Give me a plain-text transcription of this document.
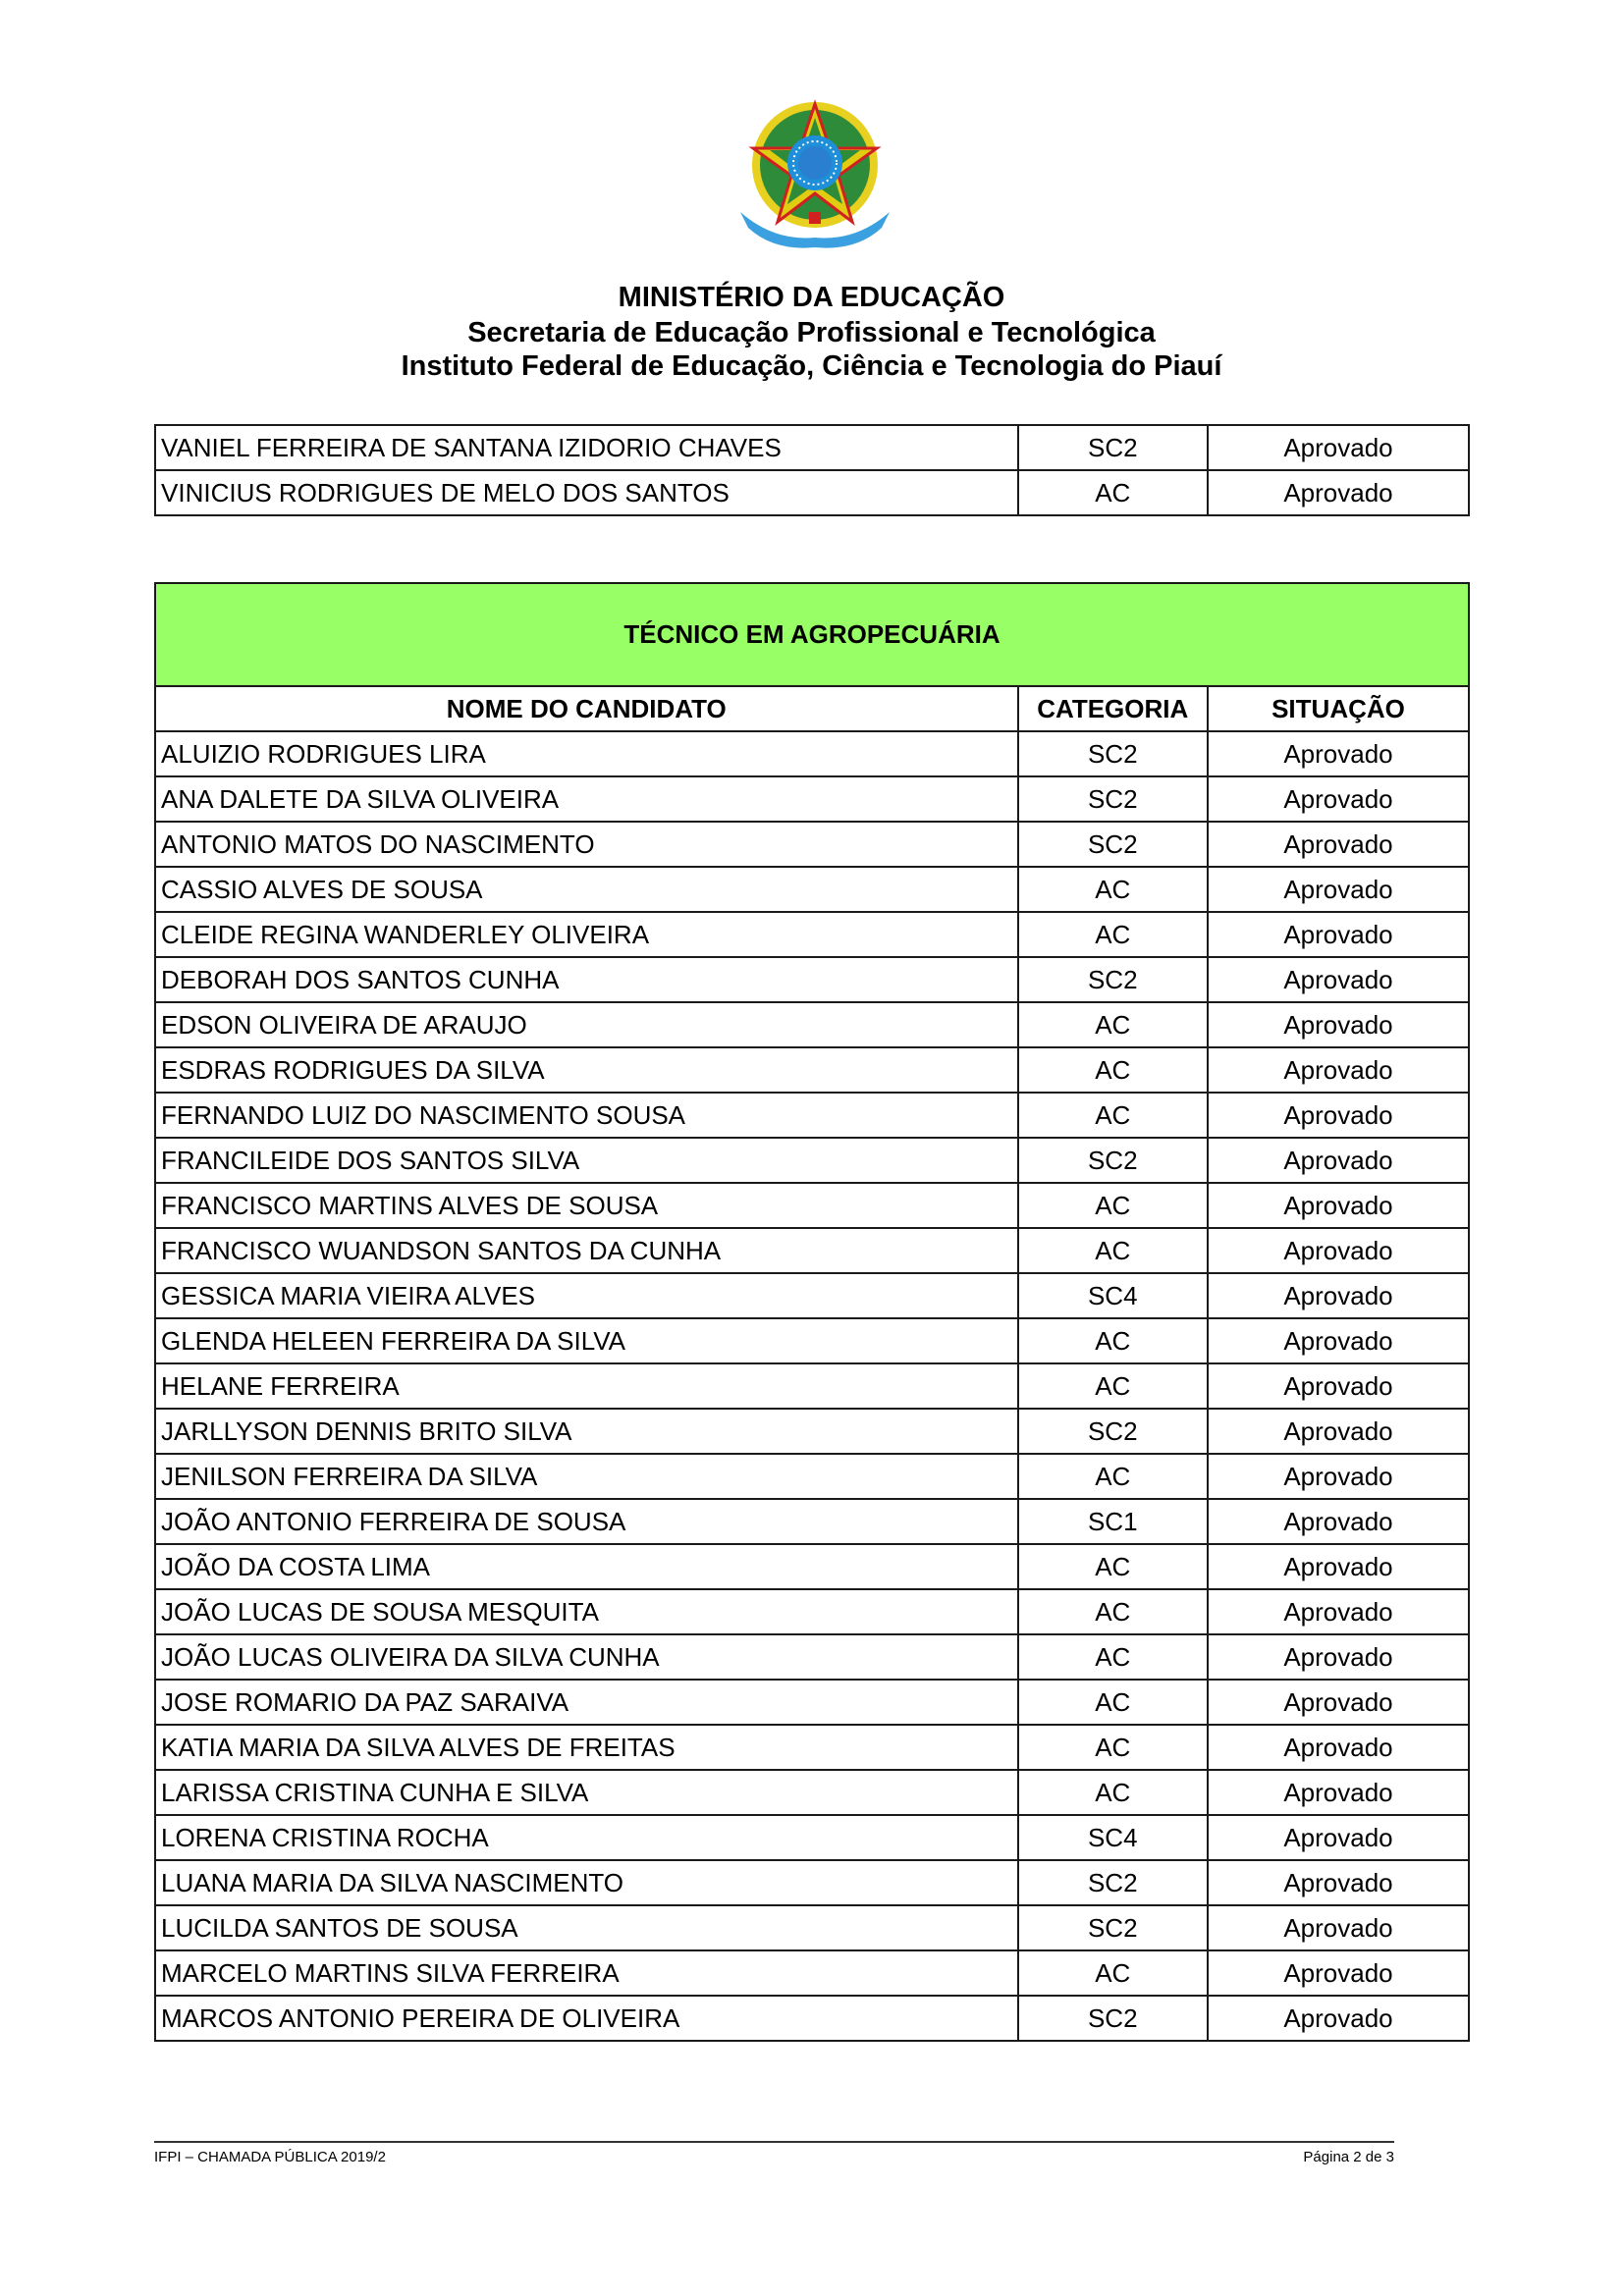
MINISTÉRIO DA EDUCAÇÃO
Secretaria de Educação Profissional e Tecnológica
Instituto Federal de Educação, Ciência e Tecnologia do Piauí
VANIEL FERREIRA DE SANTANA IZIDORIO CHAVES	SC2	Aprovado
VINICIUS RODRIGUES DE MELO DOS SANTOS	AC	Aprovado
TÉCNICO EM AGROPECUÁRIA		
NOME DO CANDIDATO	CATEGORIA	SITUAÇÃO
ALUIZIO RODRIGUES LIRA	SC2	Aprovado
ANA DALETE DA SILVA OLIVEIRA	SC2	Aprovado
ANTONIO MATOS DO NASCIMENTO	SC2	Aprovado
CASSIO ALVES DE SOUSA	AC	Aprovado
CLEIDE REGINA WANDERLEY OLIVEIRA	AC	Aprovado
DEBORAH DOS SANTOS CUNHA	SC2	Aprovado
EDSON OLIVEIRA DE ARAUJO	AC	Aprovado
ESDRAS RODRIGUES DA SILVA	AC	Aprovado
FERNANDO LUIZ DO NASCIMENTO SOUSA	AC	Aprovado
FRANCILEIDE DOS SANTOS SILVA	SC2	Aprovado
FRANCISCO MARTINS ALVES DE SOUSA	AC	Aprovado
FRANCISCO WUANDSON SANTOS DA CUNHA	AC	Aprovado
GESSICA MARIA VIEIRA ALVES	SC4	Aprovado
GLENDA HELEEN FERREIRA DA SILVA	AC	Aprovado
HELANE FERREIRA	AC	Aprovado
JARLLYSON DENNIS BRITO SILVA	SC2	Aprovado
JENILSON FERREIRA DA SILVA	AC	Aprovado
JOÃO ANTONIO FERREIRA DE SOUSA	SC1	Aprovado
JOÃO DA COSTA LIMA	AC	Aprovado
JOÃO LUCAS DE SOUSA MESQUITA	AC	Aprovado
JOÃO LUCAS OLIVEIRA DA SILVA CUNHA	AC	Aprovado
JOSE ROMARIO DA PAZ SARAIVA	AC	Aprovado
KATIA MARIA DA SILVA ALVES DE FREITAS	AC	Aprovado
LARISSA CRISTINA CUNHA E SILVA	AC	Aprovado
LORENA CRISTINA ROCHA	SC4	Aprovado
LUANA MARIA DA SILVA NASCIMENTO	SC2	Aprovado
LUCILDA SANTOS DE SOUSA	SC2	Aprovado
MARCELO MARTINS SILVA FERREIRA	AC	Aprovado
MARCOS ANTONIO PEREIRA DE OLIVEIRA	SC2	Aprovado
IFPI – CHAMADA PÚBLICA 2019/2	Página 2 de 3
